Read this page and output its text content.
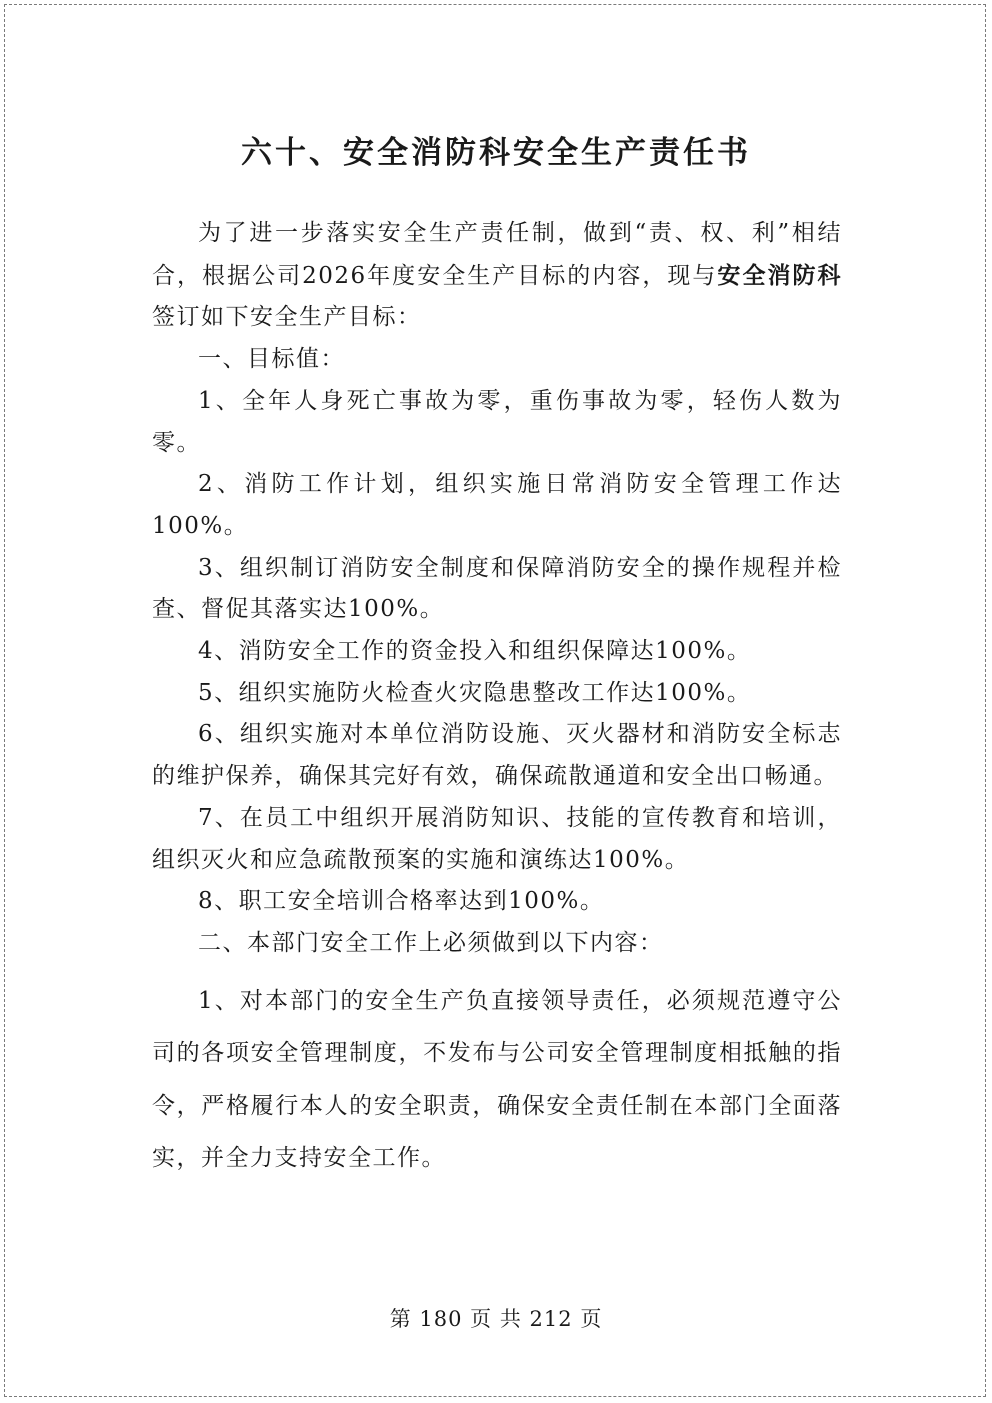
六十、安全消防科安全生产责任书

为了进一步落实安全生产责任制，做到“责、权、利”相结合，根据公司2026年度安全生产目标的内容，现与安全消防科签订如下安全生产目标：

一、目标值：

1、全年人身死亡事故为零，重伤事故为零，轻伤人数为零。

2、消防工作计划，组织实施日常消防安全管理工作达100%。

3、组织制订消防安全制度和保障消防安全的操作规程并检查、督促其落实达100%。

4、消防安全工作的资金投入和组织保障达100%。

5、组织实施防火检查火灾隐患整改工作达100%。

6、组织实施对本单位消防设施、灭火器材和消防安全标志的维护保养，确保其完好有效，确保疏散通道和安全出口畅通。

7、在员工中组织开展消防知识、技能的宣传教育和培训，组织灭火和应急疏散预案的实施和演练达100%。

8、职工安全培训合格率达到100%。

二、本部门安全工作上必须做到以下内容：

1、对本部门的安全生产负直接领导责任，必须规范遵守公司的各项安全管理制度，不发布与公司安全管理制度相抵触的指令，严格履行本人的安全职责，确保安全责任制在本部门全面落实，并全力支持安全工作。

第 180 页 共 212 页
